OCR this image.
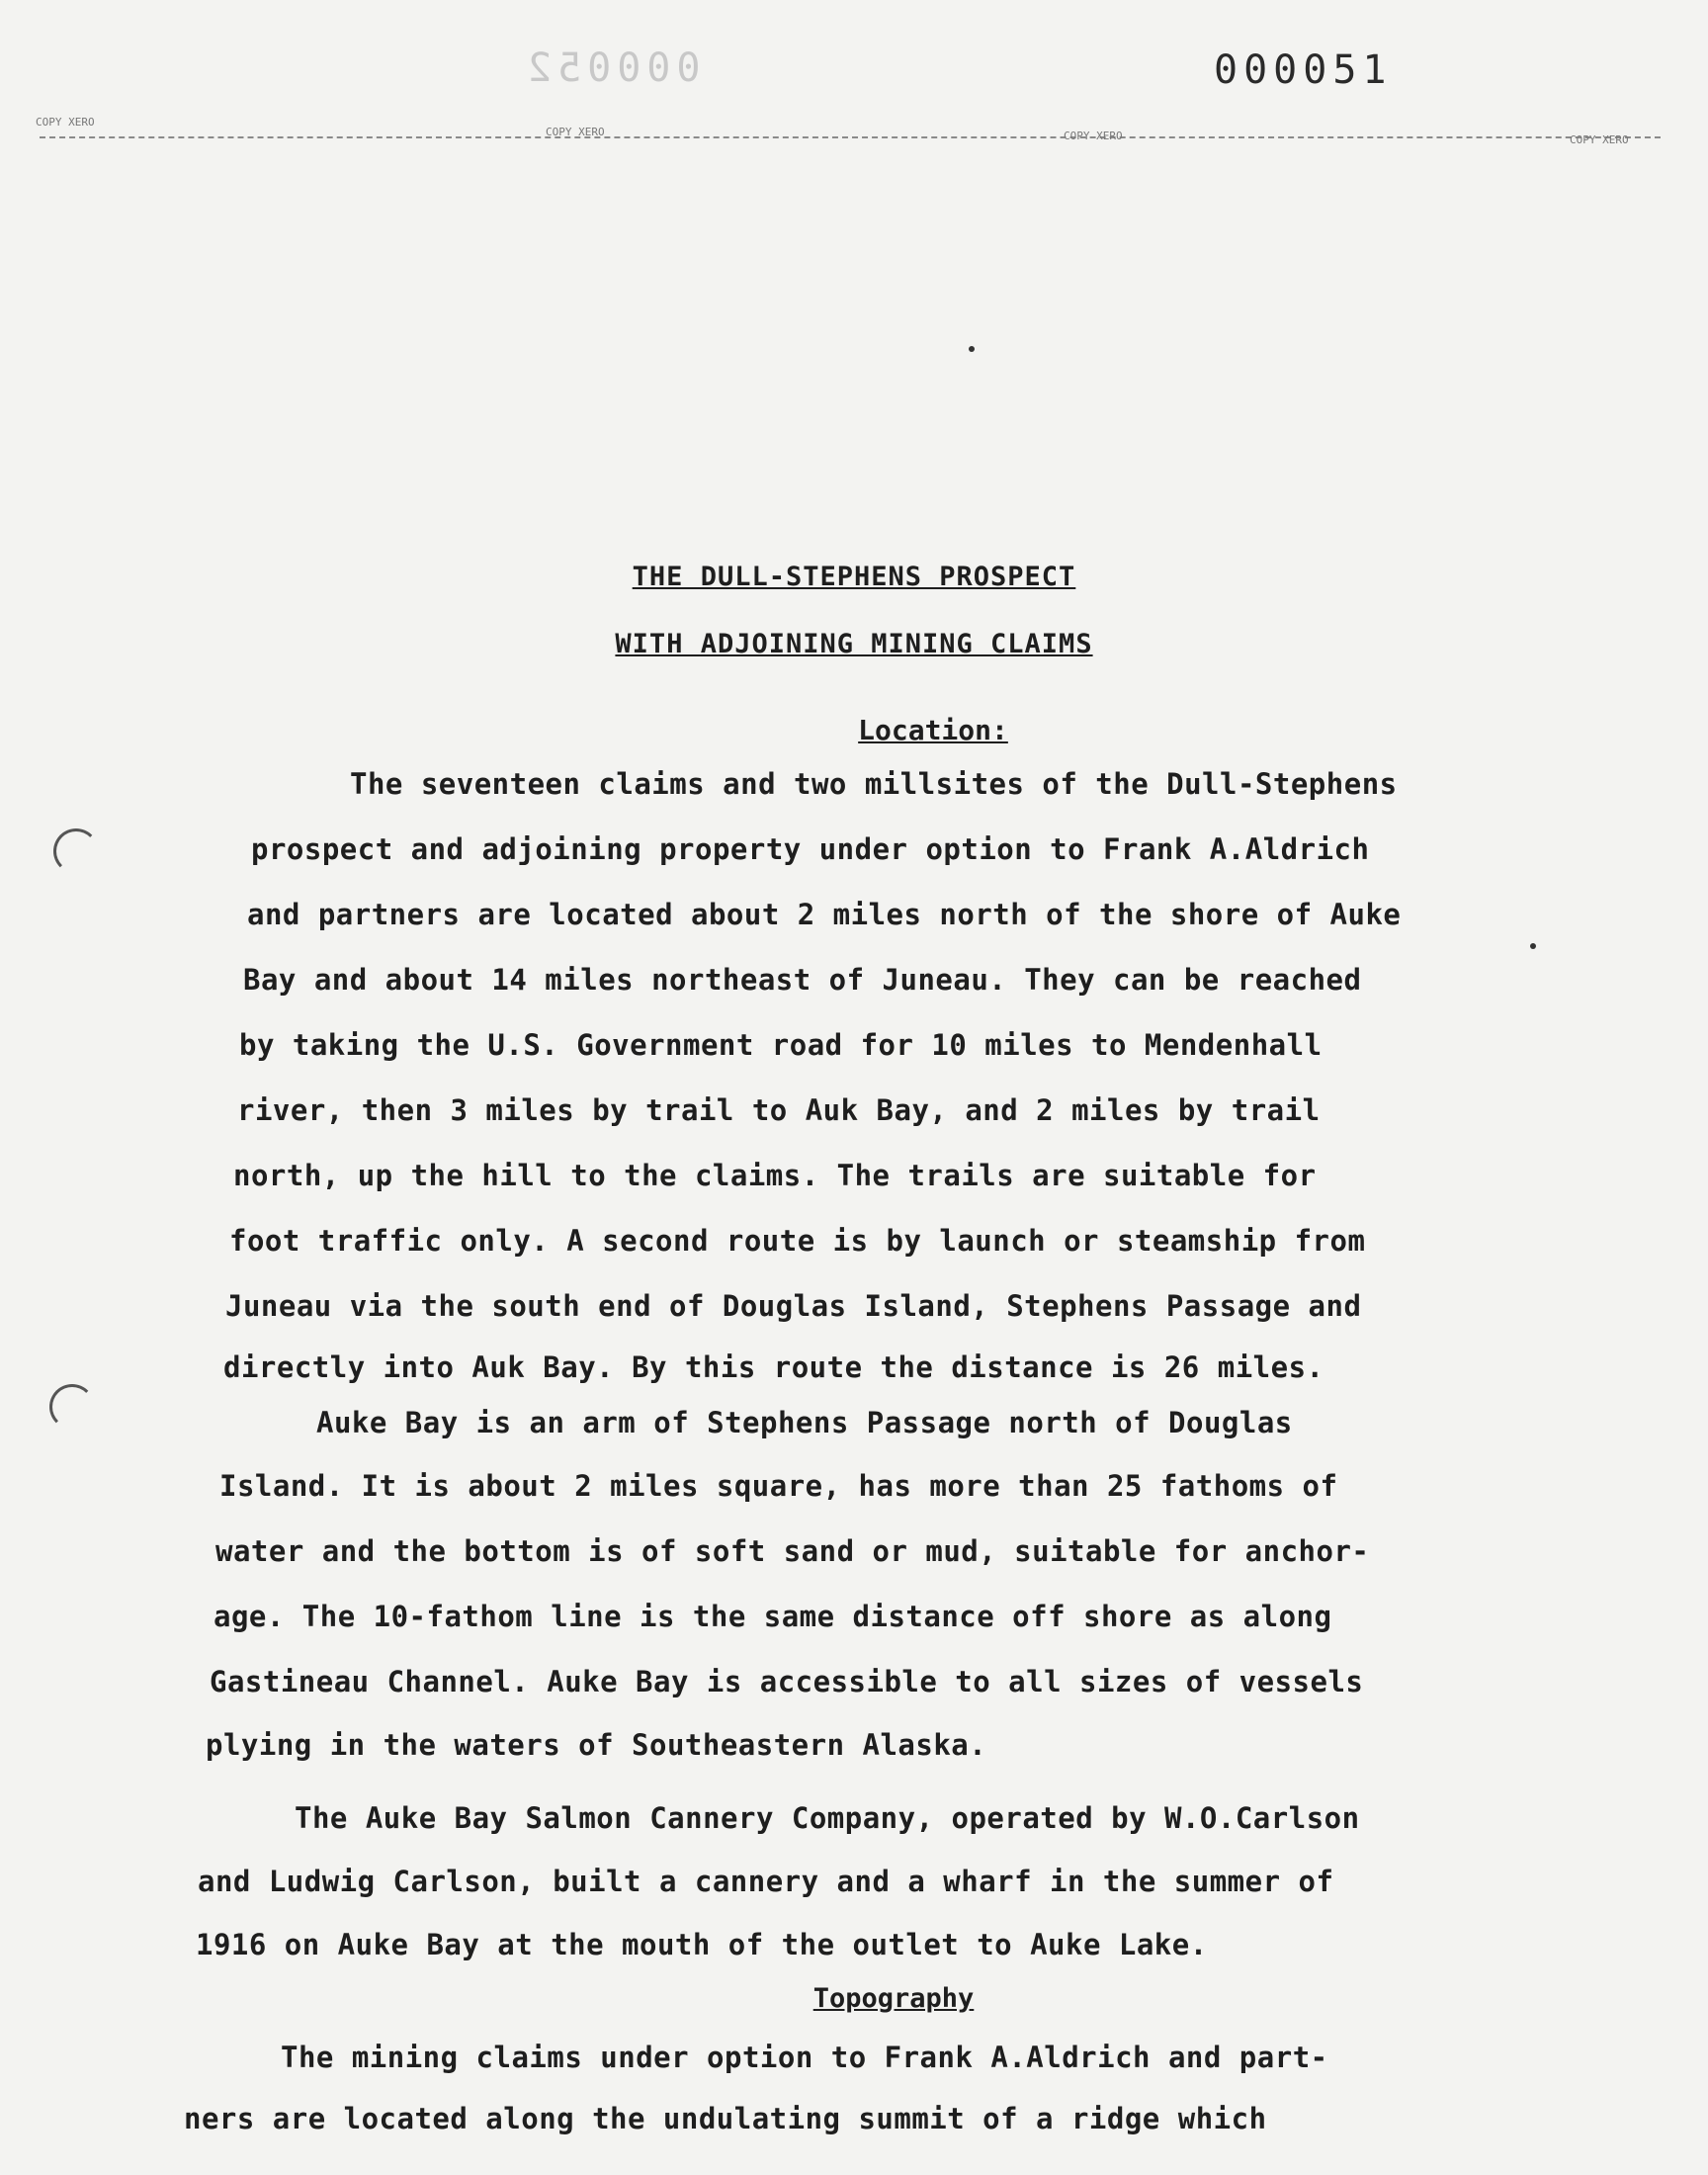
000052	000051
COPY XERO
COPY XERO	COPY XERO	COPY XERO
THE DULL-STEPHENS PROSPECT
WITH ADJOINING MINING CLAIMS
Location:
The seventeen claims and two millsites of the Dull-Stephens
prospect and adjoining property under option to Frank A.Aldrich
and partners are located about 2 miles north of the shore of Auke
Bay and about 14 miles northeast of Juneau. They can be reached
by taking the U.S. Government road for 10 miles to Mendenhall
river, then 3 miles by trail to Auk Bay, and 2 miles by trail
north, up the hill to the claims. The trails are suitable for
foot traffic only. A second route is by launch or steamship from
Juneau via the south end of Douglas Island, Stephens Passage and
directly into Auk Bay. By this route the distance is 26 miles.
Auke Bay is an arm of Stephens Passage north of Douglas
Island. It is about 2 miles square, has more than 25 fathoms of
water and the bottom is of soft sand or mud, suitable for anchor-
age. The 10-fathom line is the same distance off shore as along
Gastineau Channel. Auke Bay is accessible to all sizes of vessels
plying in the waters of Southeastern Alaska.
The Auke Bay Salmon Cannery Company, operated by W.O.Carlson
and Ludwig Carlson, built a cannery and a wharf in the summer of
1916 on Auke Bay at the mouth of the outlet to Auke Lake.
Topography
The mining claims under option to Frank A.Aldrich and part-
ners are located along the undulating summit of a ridge which
